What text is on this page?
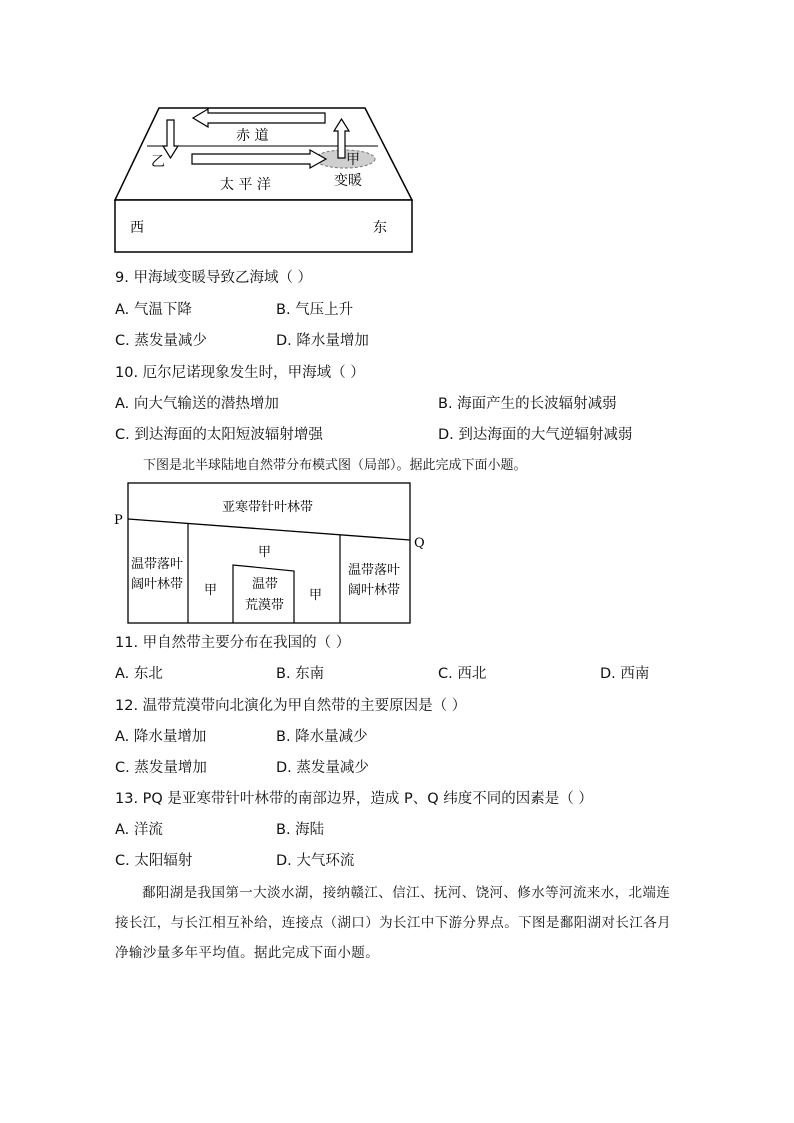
赤 道
乙	甲
太 平 洋	变暖
西	东
9. 甲海域变暖导致乙海域（ ）
A. 气温下降	B. 气压上升
C. 蒸发量减少	D. 降水量增加
10. 厄尔尼诺现象发生时，甲海域（ ）
A. 向大气输送的潜热增加	B. 海面产生的长波辐射减弱
C. 到达海面的太阳短波辐射增强	D. 到达海面的大气逆辐射减弱
下图是北半球陆地自然带分布模式图（局部）。据此完成下面小题。
亚寒带针叶林带
P
Q
温带落叶
阔叶林带
甲
甲	甲
温带
荒漠带
温带落叶
阔叶林带
11. 甲自然带主要分布在我国的（ ）
A. 东北	B. 东南	C. 西北	D. 西南
12. 温带荒漠带向北演化为甲自然带的主要原因是（ ）
A. 降水量增加	B. 降水量减少
C. 蒸发量增加	D. 蒸发量减少
13. PQ 是亚寒带针叶林带的南部边界，造成 P、Q 纬度不同的因素是（ ）
A. 洋流	B. 海陆
C. 太阳辐射	D. 大气环流
鄱阳湖是我国第一大淡水湖，接纳赣江、信江、抚河、饶河、修水等河流来水，北端连接长江，与长江相互补给，连接点（湖口）为长江中下游分界点。下图是鄱阳湖对长江各月净输沙量多年平均值。据此完成下面小题。
